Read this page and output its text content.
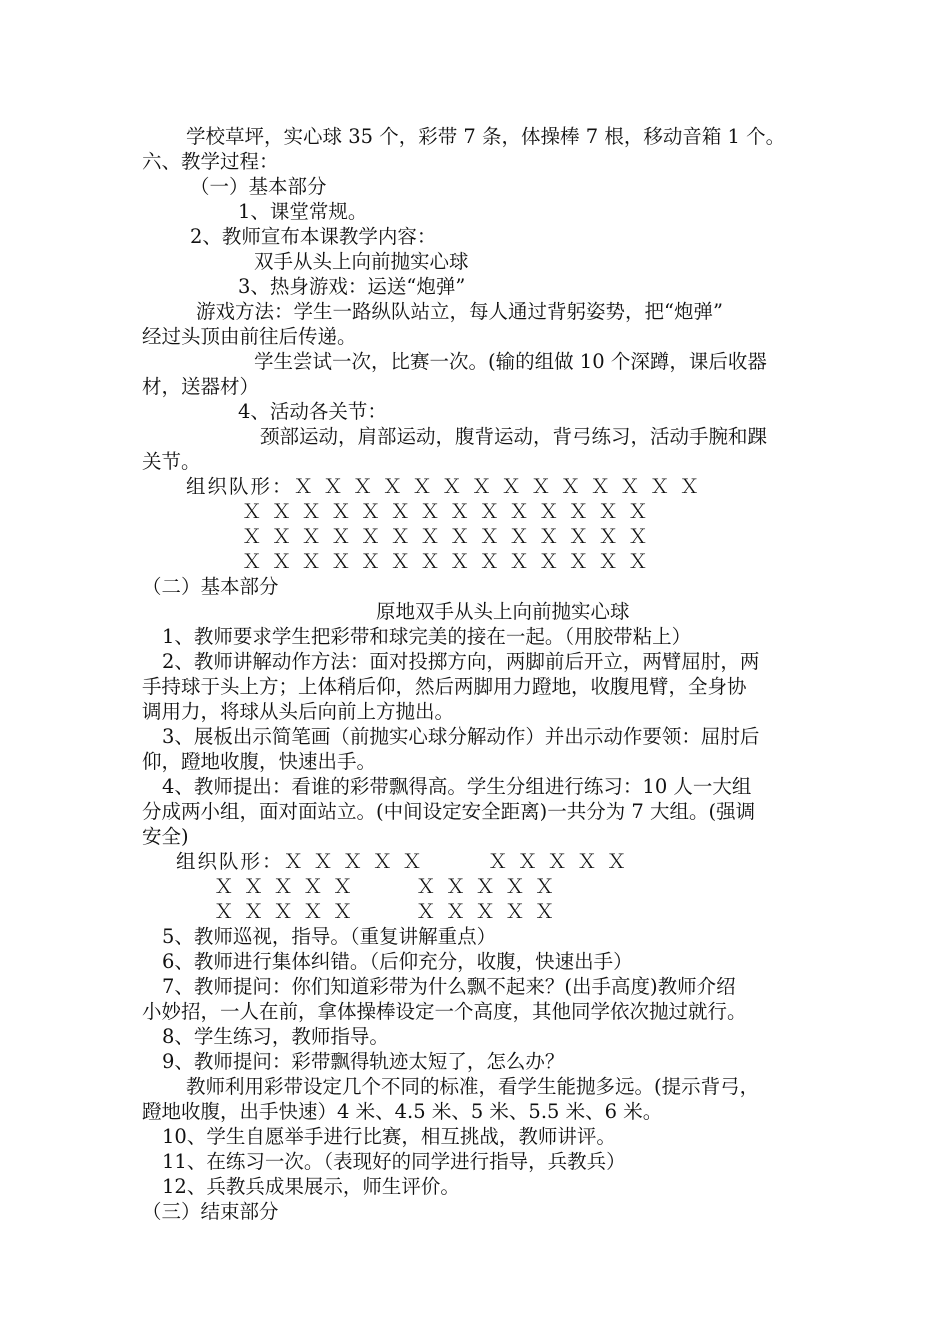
学校草坪，实心球 35 个，彩带 7 条，体操棒 7 根，移动音箱 1 个。
六、教学过程：
（一）基本部分
1、课堂常规。
2、教师宣布本课教学内容：
双手从头上向前抛实心球
3、热身游戏：运送“炮弹”
游戏方法：学生一路纵队站立，每人通过背躬姿势，把“炮弹”
经过头顶由前往后传递。
学生尝试一次，比赛一次。(输的组做 10 个深蹲，课后收器
材，送器材）
4、活动各关节：
颈部运动，肩部运动，腹背运动，背弓练习，活动手腕和踝
关节。
组织队形：Ｘ Ｘ Ｘ Ｘ Ｘ Ｘ Ｘ Ｘ Ｘ Ｘ Ｘ Ｘ Ｘ Ｘ
Ｘ Ｘ Ｘ Ｘ Ｘ Ｘ Ｘ Ｘ Ｘ Ｘ Ｘ Ｘ Ｘ Ｘ
Ｘ Ｘ Ｘ Ｘ Ｘ Ｘ Ｘ Ｘ Ｘ Ｘ Ｘ Ｘ Ｘ Ｘ
Ｘ Ｘ Ｘ Ｘ Ｘ Ｘ Ｘ Ｘ Ｘ Ｘ Ｘ Ｘ Ｘ Ｘ
（二）基本部分
原地双手从头上向前抛实心球
1、教师要求学生把彩带和球完美的接在一起。（用胶带粘上）
2、教师讲解动作方法：面对投掷方向，两脚前后开立，两臂屈肘，两
手持球于头上方；上体稍后仰，然后两脚用力蹬地，收腹甩臂，全身协
调用力，将球从头后向前上方抛出。
3、展板出示简笔画（前抛实心球分解动作）并出示动作要领：屈肘后
仰，蹬地收腹，快速出手。
4、教师提出：看谁的彩带飘得高。学生分组进行练习：10 人一大组
分成两小组，面对面站立。(中间设定安全距离)一共分为 7 大组。(强调
安全)
组织队形：Ｘ Ｘ Ｘ Ｘ Ｘ	Ｘ Ｘ Ｘ Ｘ Ｘ
Ｘ Ｘ Ｘ Ｘ Ｘ	Ｘ Ｘ Ｘ Ｘ Ｘ
Ｘ Ｘ Ｘ Ｘ Ｘ	Ｘ Ｘ Ｘ Ｘ Ｘ
5、教师巡视，指导。（重复讲解重点）
6、教师进行集体纠错。（后仰充分，收腹，快速出手）
7、教师提问：你们知道彩带为什么飘不起来？(出手高度)教师介绍
小妙招，一人在前，拿体操棒设定一个高度，其他同学依次抛过就行。
8、学生练习，教师指导。
9、教师提问：彩带飘得轨迹太短了，怎么办？
教师利用彩带设定几个不同的标准，看学生能抛多远。(提示背弓，
蹬地收腹，出手快速）4 米、4.5 米、5 米、5.5 米、6 米。
10、学生自愿举手进行比赛，相互挑战，教师讲评。
11、在练习一次。（表现好的同学进行指导，兵教兵）
12、兵教兵成果展示，师生评价。
（三）结束部分
